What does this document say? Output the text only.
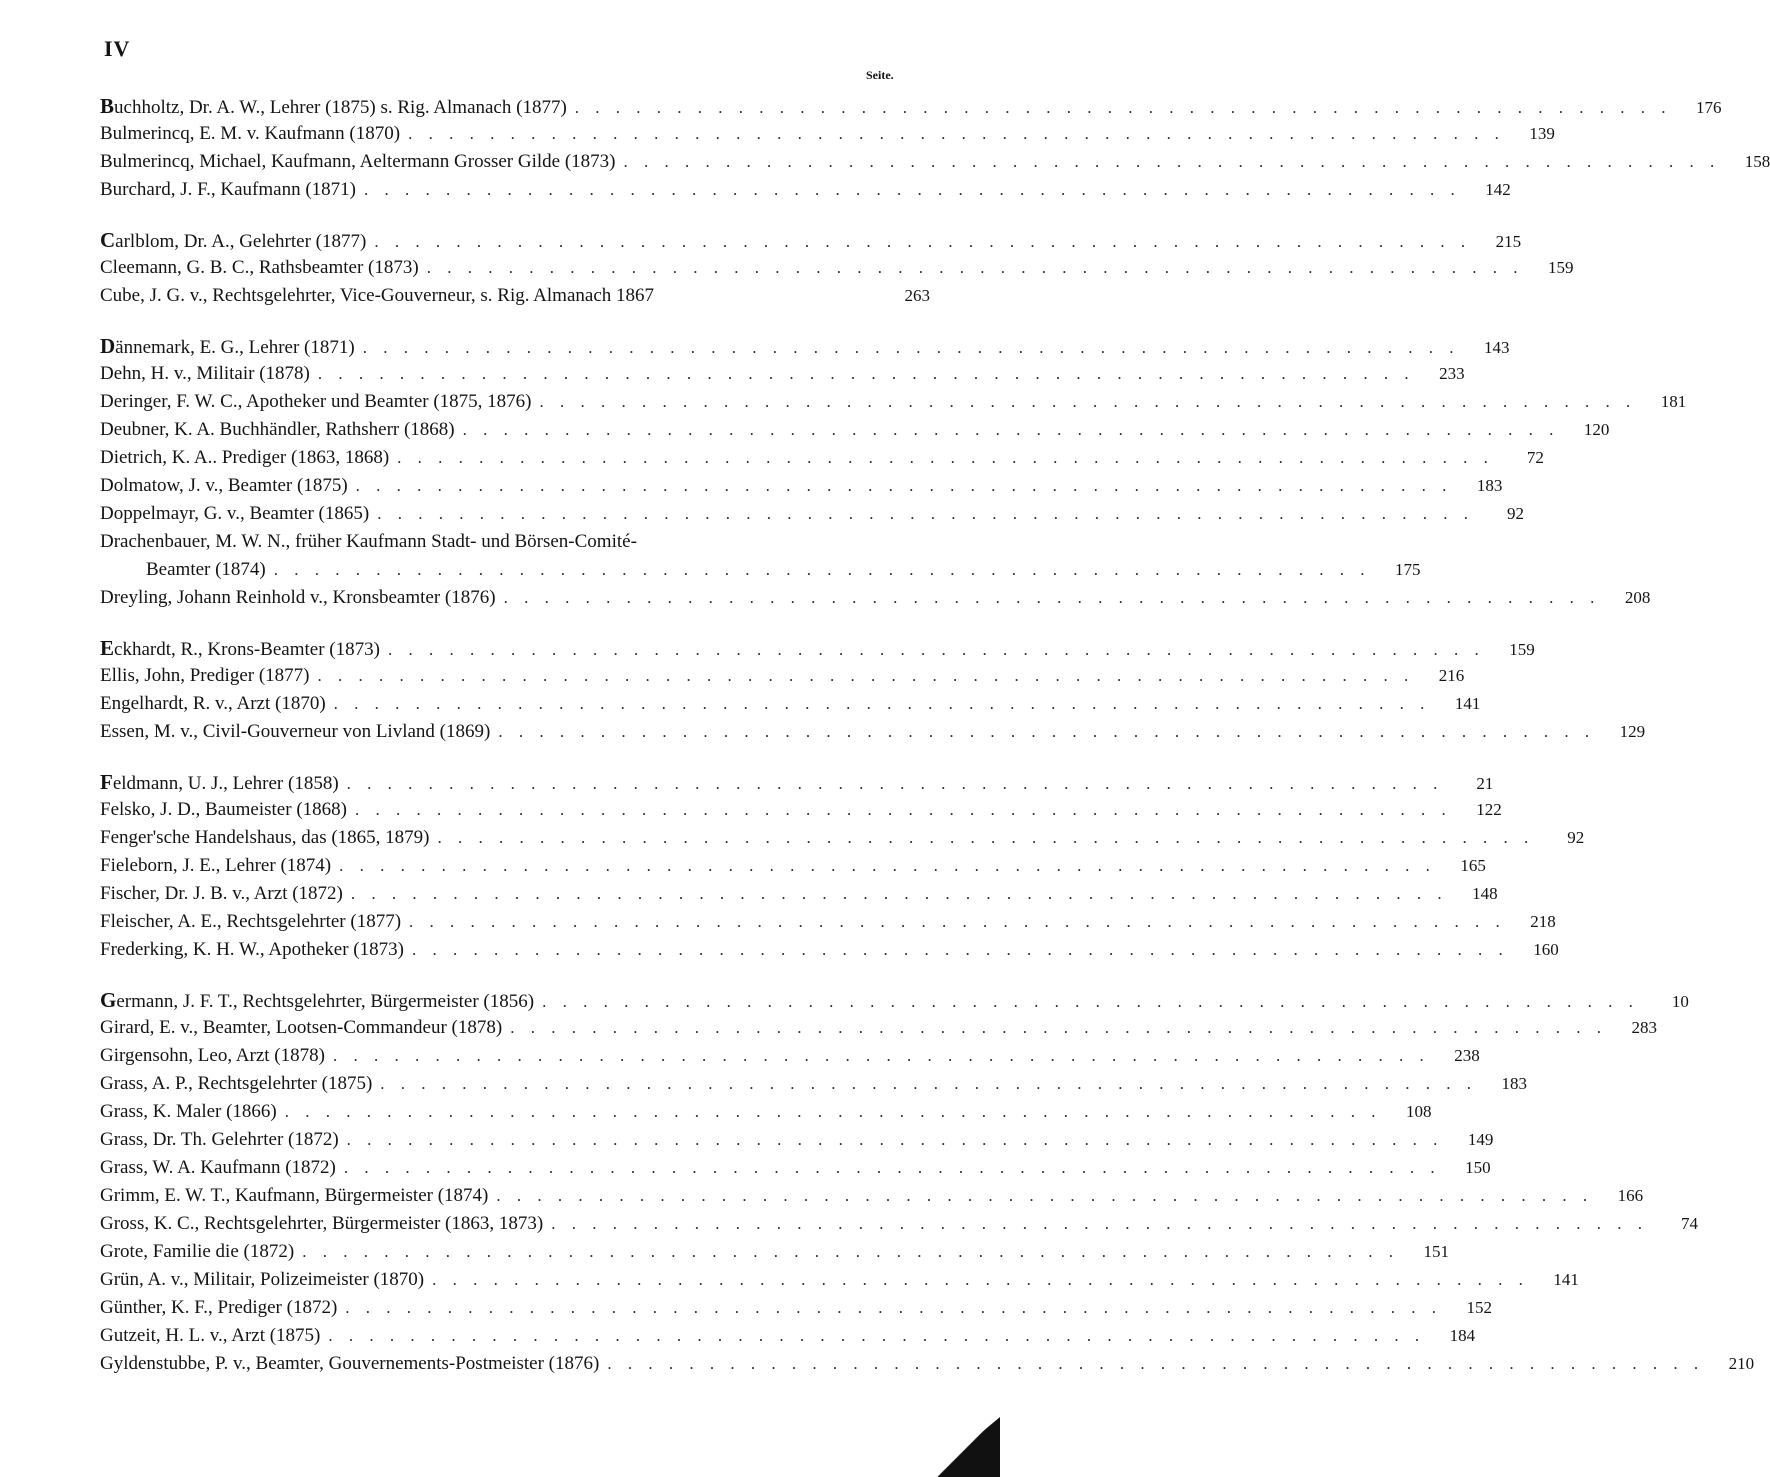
IV
Seite.
Buchholtz, Dr. A. W., Lehrer (1875) s. Rig. Almanach (1877) . . . . . . . . . . . . . . . . . . . . . . . . . . . . . . . . . . . . . . . . . . . . . . . . . . . . . .	176
Bulmerincq, E. M. v. Kaufmann (1870) . . . . . . . . . . . . . . . . . . . . . . . . . . . . . . . . . . . . . . . . . . . . . . . . . . . . . .	139
Bulmerincq, Michael, Kaufmann, Aeltermann Grosser Gilde (1873) . . . . . . . . . . . . . . . . . . . . . . . . . . . . . . . . . . . . . . . . . . . . . . . . . . . . . .	158
Burchard, J. F., Kaufmann (1871) . . . . . . . . . . . . . . . . . . . . . . . . . . . . . . . . . . . . . . . . . . . . . . . . . . . . . .	142
Carlblom, Dr. A., Gelehrter (1877) . . . . . . . . . . . . . . . . . . . . . . . . . . . . . . . . . . . . . . . . . . . . . . . . . . . . . .	215
Cleemann, G. B. C., Rathsbeamter (1873) . . . . . . . . . . . . . . . . . . . . . . . . . . . . . . . . . . . . . . . . . . . . . . . . . . . . . .	159
Cube, J. G. v., Rechtsgelehrter, Vice-Gouverneur, s. Rig. Almanach 1867	263
Dännemark, E. G., Lehrer (1871) . . . . . . . . . . . . . . . . . . . . . . . . . . . . . . . . . . . . . . . . . . . . . . . . . . . . . .	143
Dehn, H. v., Militair (1878) . . . . . . . . . . . . . . . . . . . . . . . . . . . . . . . . . . . . . . . . . . . . . . . . . . . . . .	233
Deringer, F. W. C., Apotheker und Beamter (1875, 1876) . . . . . . . . . . . . . . . . . . . . . . . . . . . . . . . . . . . . . . . . . . . . . . . . . . . . . .	181
Deubner, K. A. Buchhändler, Rathsherr (1868) . . . . . . . . . . . . . . . . . . . . . . . . . . . . . . . . . . . . . . . . . . . . . . . . . . . . . .	120
Dietrich, K. A.. Prediger (1863, 1868) . . . . . . . . . . . . . . . . . . . . . . . . . . . . . . . . . . . . . . . . . . . . . . . . . . . . . .	72
Dolmatow, J. v., Beamter (1875) . . . . . . . . . . . . . . . . . . . . . . . . . . . . . . . . . . . . . . . . . . . . . . . . . . . . . .	183
Doppelmayr, G. v., Beamter (1865) . . . . . . . . . . . . . . . . . . . . . . . . . . . . . . . . . . . . . . . . . . . . . . . . . . . . . .	92
Drachenbauer, M. W. N., früher Kaufmann Stadt- und Börsen-Comité-
Beamter (1874) . . . . . . . . . . . . . . . . . . . . . . . . . . . . . . . . . . . . . . . . . . . . . . . . . . . . . .	175
Dreyling, Johann Reinhold v., Kronsbeamter (1876) . . . . . . . . . . . . . . . . . . . . . . . . . . . . . . . . . . . . . . . . . . . . . . . . . . . . . .	208
Eckhardt, R., Krons-Beamter (1873) . . . . . . . . . . . . . . . . . . . . . . . . . . . . . . . . . . . . . . . . . . . . . . . . . . . . . .	159
Ellis, John, Prediger (1877) . . . . . . . . . . . . . . . . . . . . . . . . . . . . . . . . . . . . . . . . . . . . . . . . . . . . . .	216
Engelhardt, R. v., Arzt (1870) . . . . . . . . . . . . . . . . . . . . . . . . . . . . . . . . . . . . . . . . . . . . . . . . . . . . . .	141
Essen, M. v., Civil-Gouverneur von Livland (1869) . . . . . . . . . . . . . . . . . . . . . . . . . . . . . . . . . . . . . . . . . . . . . . . . . . . . . .	129
Feldmann, U. J., Lehrer (1858) . . . . . . . . . . . . . . . . . . . . . . . . . . . . . . . . . . . . . . . . . . . . . . . . . . . . . .	21
Felsko, J. D., Baumeister (1868) . . . . . . . . . . . . . . . . . . . . . . . . . . . . . . . . . . . . . . . . . . . . . . . . . . . . . .	122
Fenger'sche Handelshaus, das (1865, 1879) . . . . . . . . . . . . . . . . . . . . . . . . . . . . . . . . . . . . . . . . . . . . . . . . . . . . . .	92
Fieleborn, J. E., Lehrer (1874) . . . . . . . . . . . . . . . . . . . . . . . . . . . . . . . . . . . . . . . . . . . . . . . . . . . . . .	165
Fischer, Dr. J. B. v., Arzt (1872) . . . . . . . . . . . . . . . . . . . . . . . . . . . . . . . . . . . . . . . . . . . . . . . . . . . . . .	148
Fleischer, A. E., Rechtsgelehrter (1877) . . . . . . . . . . . . . . . . . . . . . . . . . . . . . . . . . . . . . . . . . . . . . . . . . . . . . .	218
Frederking, K. H. W., Apotheker (1873) . . . . . . . . . . . . . . . . . . . . . . . . . . . . . . . . . . . . . . . . . . . . . . . . . . . . . .	160
Germann, J. F. T., Rechtsgelehrter, Bürgermeister (1856) . . . . . . . . . . . . . . . . . . . . . . . . . . . . . . . . . . . . . . . . . . . . . . . . . . . . . .	10
Girard, E. v., Beamter, Lootsen-Commandeur (1878) . . . . . . . . . . . . . . . . . . . . . . . . . . . . . . . . . . . . . . . . . . . . . . . . . . . . . .	283
Girgensohn, Leo, Arzt (1878) . . . . . . . . . . . . . . . . . . . . . . . . . . . . . . . . . . . . . . . . . . . . . . . . . . . . . .	238
Grass, A. P., Rechtsgelehrter (1875) . . . . . . . . . . . . . . . . . . . . . . . . . . . . . . . . . . . . . . . . . . . . . . . . . . . . . .	183
Grass, K. Maler (1866) . . . . . . . . . . . . . . . . . . . . . . . . . . . . . . . . . . . . . . . . . . . . . . . . . . . . . .	108
Grass, Dr. Th. Gelehrter (1872) . . . . . . . . . . . . . . . . . . . . . . . . . . . . . . . . . . . . . . . . . . . . . . . . . . . . . .	149
Grass, W. A. Kaufmann (1872) . . . . . . . . . . . . . . . . . . . . . . . . . . . . . . . . . . . . . . . . . . . . . . . . . . . . . .	150
Grimm, E. W. T., Kaufmann, Bürgermeister (1874) . . . . . . . . . . . . . . . . . . . . . . . . . . . . . . . . . . . . . . . . . . . . . . . . . . . . . .	166
Gross, K. C., Rechtsgelehrter, Bürgermeister (1863, 1873) . . . . . . . . . . . . . . . . . . . . . . . . . . . . . . . . . . . . . . . . . . . . . . . . . . . . . .	74
Grote, Familie die (1872) . . . . . . . . . . . . . . . . . . . . . . . . . . . . . . . . . . . . . . . . . . . . . . . . . . . . . .	151
Grün, A. v., Militair, Polizeimeister (1870) . . . . . . . . . . . . . . . . . . . . . . . . . . . . . . . . . . . . . . . . . . . . . . . . . . . . . .	141
Günther, K. F., Prediger (1872) . . . . . . . . . . . . . . . . . . . . . . . . . . . . . . . . . . . . . . . . . . . . . . . . . . . . . .	152
Gutzeit, H. L. v., Arzt (1875) . . . . . . . . . . . . . . . . . . . . . . . . . . . . . . . . . . . . . . . . . . . . . . . . . . . . . .	184
Gyldenstubbe, P. v., Beamter, Gouvernements-Postmeister (1876) . . . . . . . . . . . . . . . . . . . . . . . . . . . . . . . . . . . . . . . . . . . . . . . . . . . . . .	210
